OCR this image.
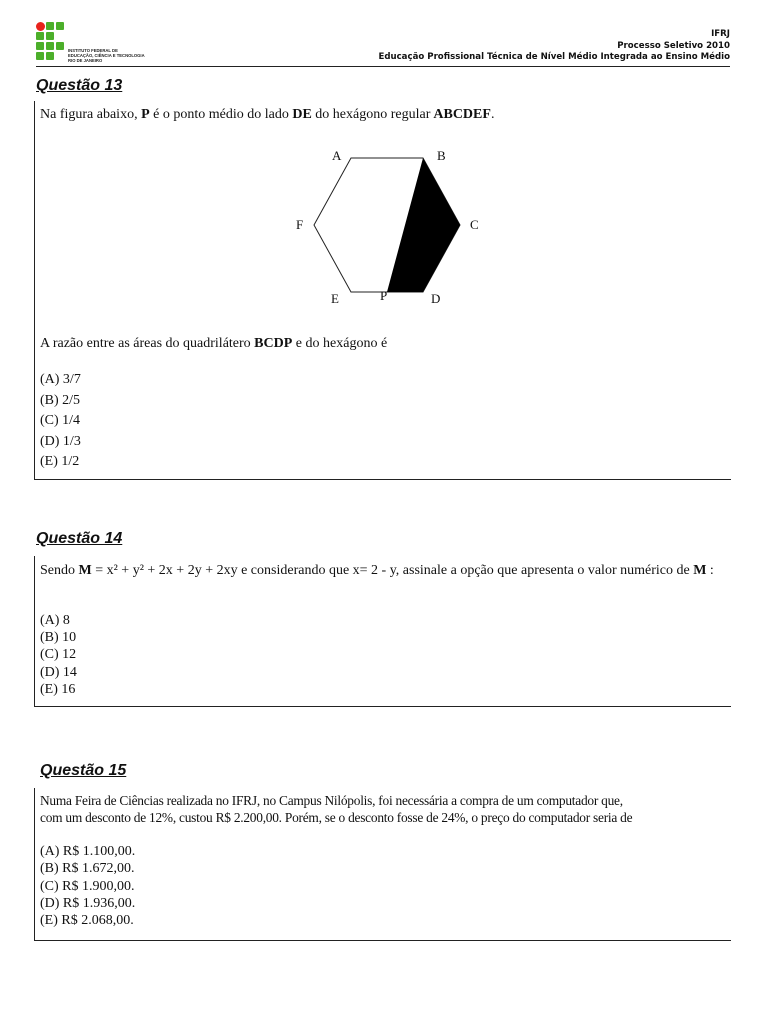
INSTITUTO FEDERAL DE
EDUCAÇÃO, CIÊNCIA E TECNOLOGIA
RIO DE JANEIRO
IFRJ
Processo Seletivo 2010
Educação Profissional Técnica de Nível Médio Integrada ao Ensino Médio
Questão 13
Na figura abaixo, P é o ponto médio do lado DE do hexágono regular ABCDEF.
A	B
C
F
E	P	D
A razão entre as áreas do quadrilátero BCDP e do hexágono é
(A) 3/7
(B) 2/5
(C) 1/4
(D) 1/3
(E) 1/2
Questão 14
Sendo M = x² + y² + 2x + 2y + 2xy e considerando que x= 2 - y, assinale a opção que apresenta o valor numérico de M :
(A) 8
(B) 10
(C) 12
(D) 14
(E) 16
Questão 15
Numa Feira de Ciências realizada no IFRJ, no Campus Nilópolis, foi necessária a compra de um computador que,
com um desconto de 12%, custou R$ 2.200,00. Porém, se o desconto fosse de 24%, o preço do computador seria de
(A) R$ 1.100,00.
(B) R$ 1.672,00.
(C) R$ 1.900,00.
(D) R$ 1.936,00.
(E) R$ 2.068,00.
